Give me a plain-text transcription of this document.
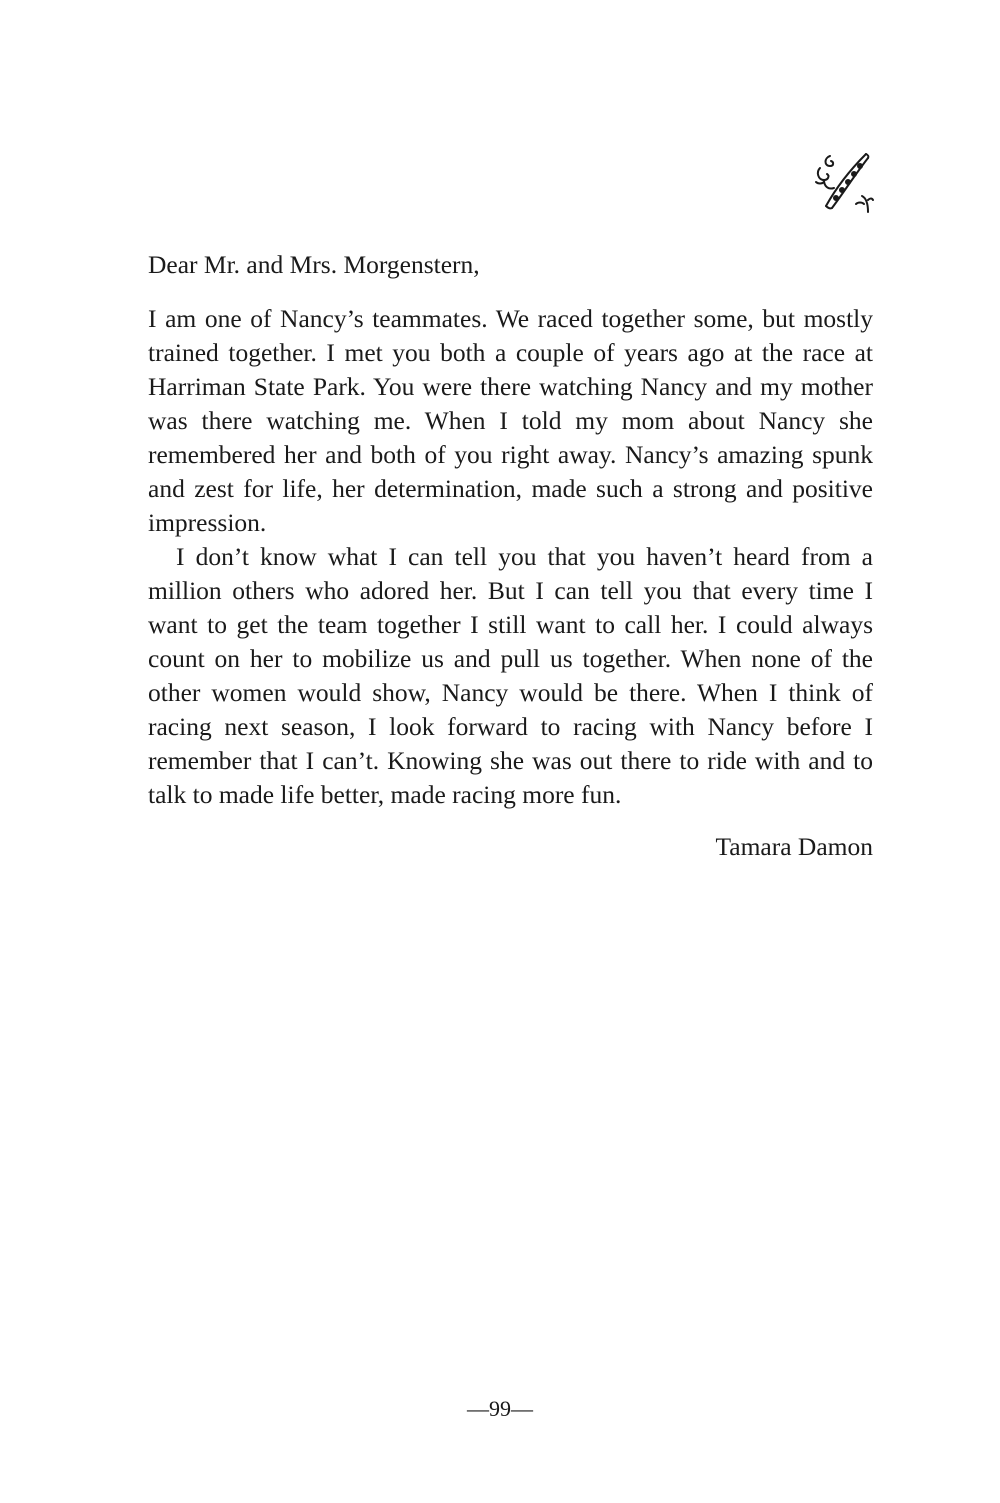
Dear Mr. and Mrs. Morgenstern,

I am one of Nancy’s teammates. We raced together some, but mostly trained together. I met you both a couple of years ago at the race at Harriman State Park. You were there watching Nancy and my mother was there watching me. When I told my mom about Nancy she remembered her and both of you right away. Nancy’s amazing spunk and zest for life, her determination, made such a strong and positive impression.

I don’t know what I can tell you that you haven’t heard from a million others who adored her. But I can tell you that every time I want to get the team together I still want to call her. I could always count on her to mobilize us and pull us together. When none of the other women would show, Nancy would be there. When I think of racing next season, I look forward to racing with Nancy before I remember that I can’t. Knowing she was out there to ride with and to talk to made life better, made racing more fun.

Tamara Damon

—99—
